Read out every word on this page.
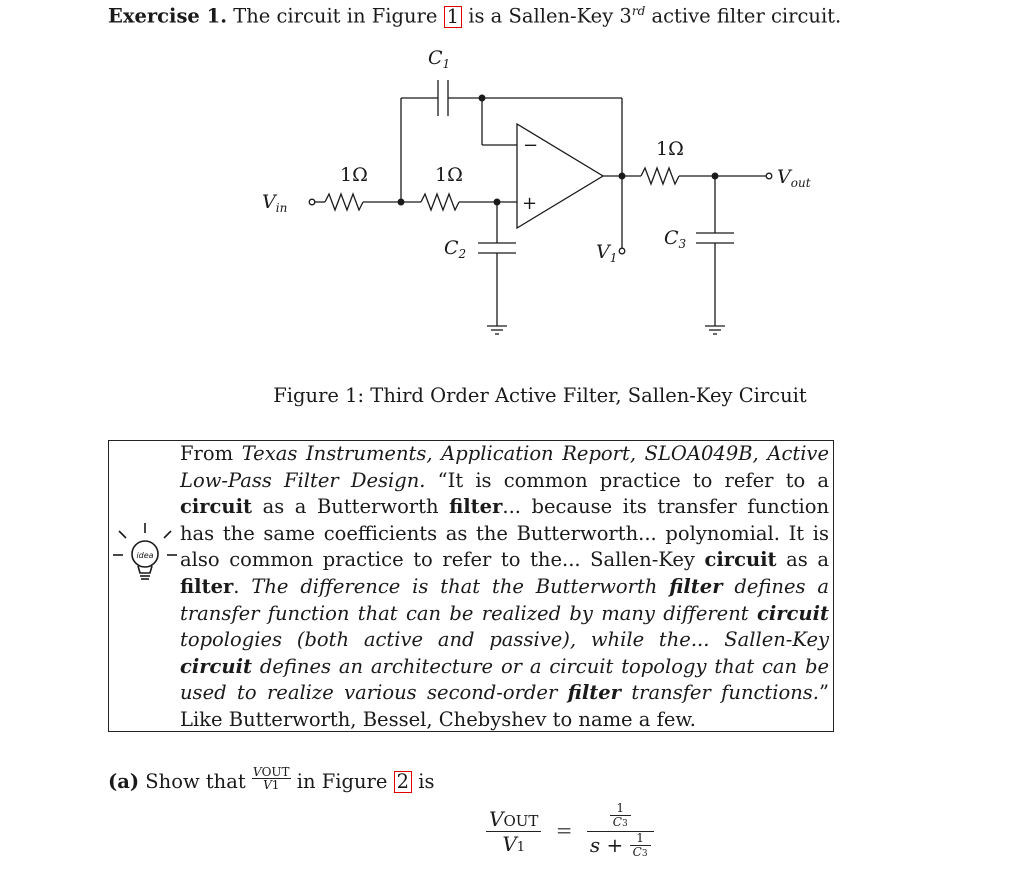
Exercise 1. The circuit in Figure 1 is a Sallen-Key 3rd active filter circuit.
$C_1$
1Ω
$V_{in}$
1Ω
$C_2$
−
+
$V_1$
1Ω
$V_{out}$
$C_3$
Figure 1: Third Order Active Filter, Sallen-Key Circuit
idea
From Texas Instruments, Application Report, SLOA049B, Active Low-Pass Filter Design. “It is common practice to refer to a circuit as a Butterworth filter... because its transfer function has the same coefficients as the Butterworth... polynomial. It is also common practice to refer to the... Sallen-Key circuit as a filter. The difference is that the Butterworth filter defines a transfer function that can be realized by many different circuit topologies (both active and passive), while the... Sallen-Key circuit defines an architecture or a circuit topology that can be used to realize various second-order filter transfer functions.” Like Butterworth, Bessel, Chebyshev to name a few.
(a) Show that $\frac{\text{VOUT}}{V1}$ in Figure 2 is
$\frac{\text{VOUT}}{V1} = \frac{\frac{1}{C3}}{s + \frac{1}{C3}}$
